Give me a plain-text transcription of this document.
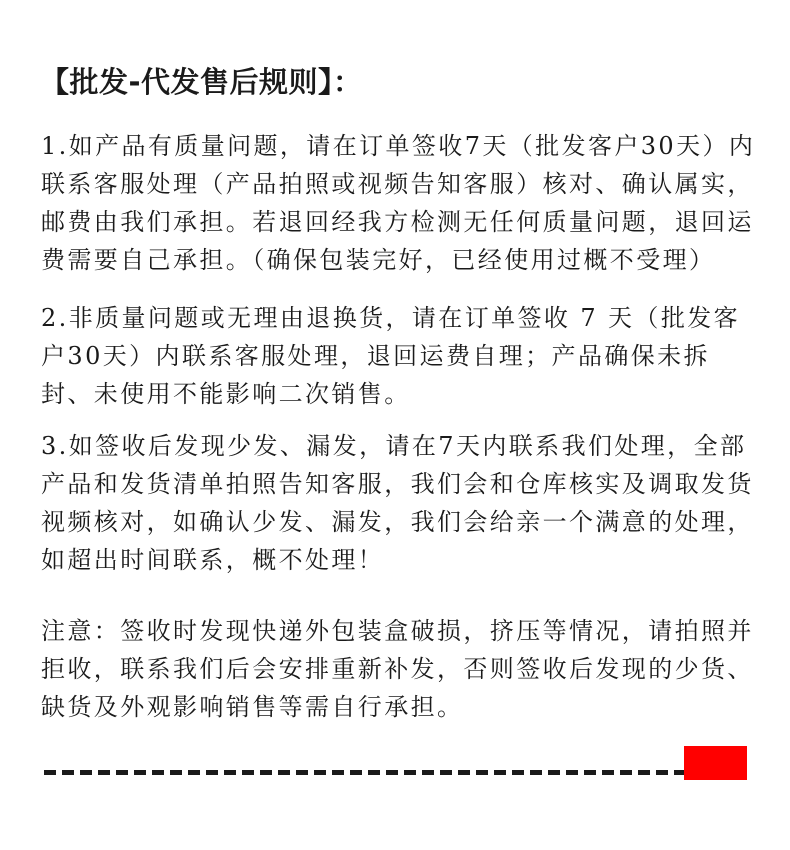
【批发-代发售后规则】：

1.如产品有质量问题，请在订单签收7天（批发客户30天）内联系客服处理（产品拍照或视频告知客服）核对、确认属实，邮费由我们承担。若退回经我方检测无任何质量问题，退回运费需要自己承担。（确保包装完好，已经使用过概不受理）

2.非质量问题或无理由退换货，请在订单签收 7 天（批发客户30天）内联系客服处理，退回运费自理；产品确保未拆封、未使用不能影响二次销售。

3.如签收后发现少发、漏发，请在7天内联系我们处理，全部产品和发货清单拍照告知客服，我们会和仓库核实及调取发货视频核对，如确认少发、漏发，我们会给亲一个满意的处理，如超出时间联系，概不处理！

注意：签收时发现快递外包装盒破损，挤压等情况，请拍照并拒收，联系我们后会安排重新补发，否则签收后发现的少货、缺货及外观影响销售等需自行承担。
